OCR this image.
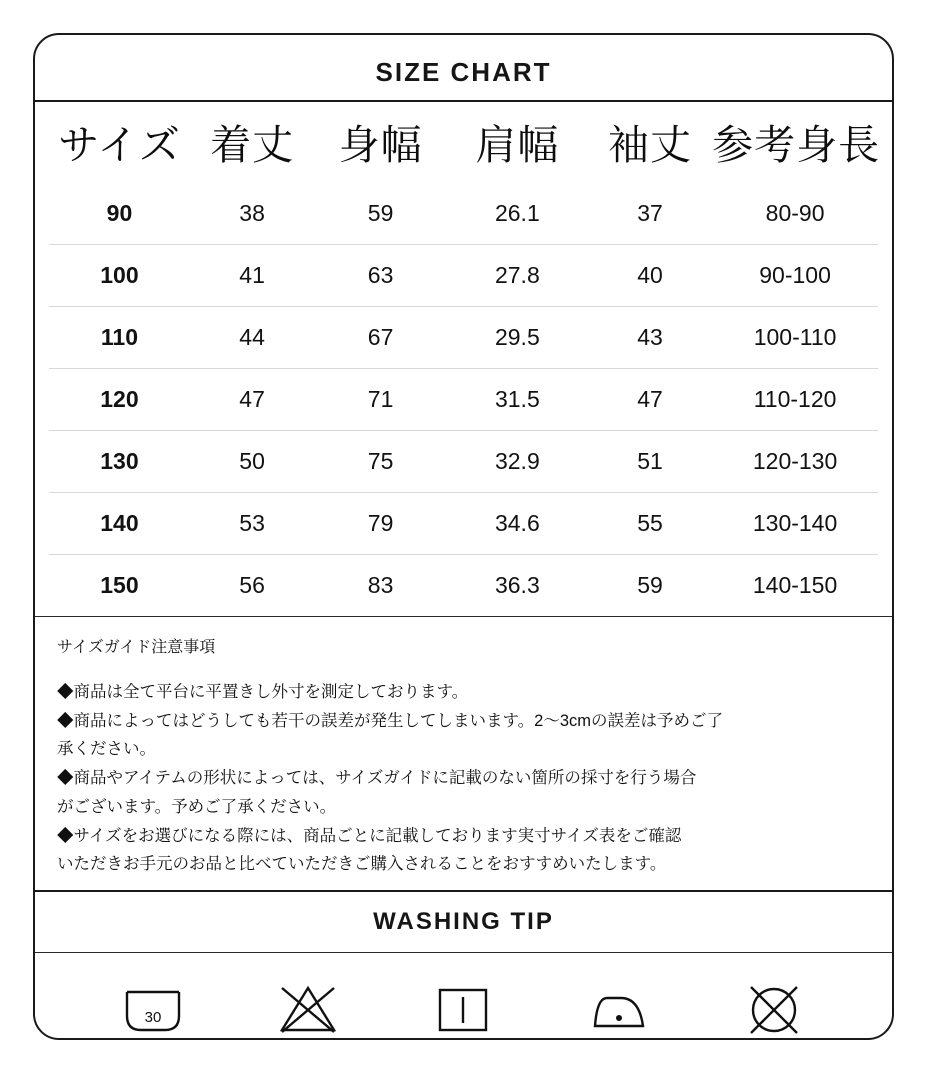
SIZE CHART
サイズ	着丈	身幅	肩幅	袖丈	参考身長
90	38	59	26.1	37	80-90
100	41	63	27.8	40	90-100
110	44	67	29.5	43	100-110
120	47	71	31.5	47	110-120
130	50	75	32.9	51	120-130
140	53	79	34.6	55	130-140
150	56	83	36.3	59	140-150
サイズガイド注意事項

◆商品は全て平台に平置きし外寸を測定しております。

◆商品によってはどうしても若干の誤差が発生してしまいます。2～3cmの誤差は予めご了

承ください。

◆商品やアイテムの形状によっては、サイズガイドに記載のない箇所の採寸を行う場合

がございます。予めご了承ください。

◆サイズをお選びになる際には、商品ごとに記載しております実寸サイズ表をご確認

いただきお手元のお品と比べていただきご購入されることをおすすめいたします。

WASHING TIP
30
